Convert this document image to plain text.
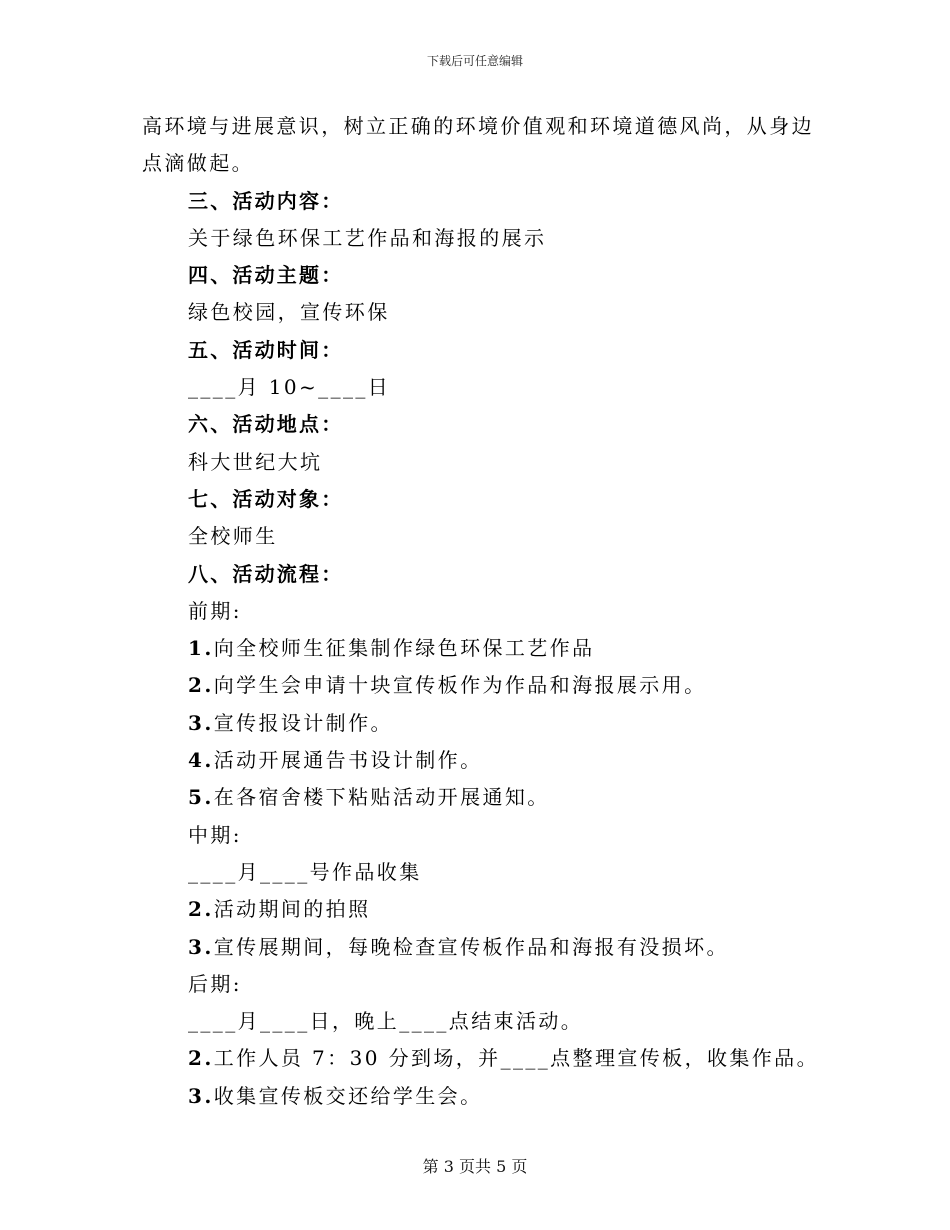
下载后可任意编辑
高环境与进展意识，树立正确的环境价值观和环境道德风尚，从身边
点滴做起。
三、活动内容：
关于绿色环保工艺作品和海报的展示
四、活动主题：
绿色校园，宣传环保
五、活动时间：
____月 10~____日
六、活动地点：
科大世纪大坑
七、活动对象：
全校师生
八、活动流程：
前期:
1.向全校师生征集制作绿色环保工艺作品
2.向学生会申请十块宣传板作为作品和海报展示用。
3.宣传报设计制作。
4.活动开展通告书设计制作。
5.在各宿舍楼下粘贴活动开展通知。
中期:
____月____号作品收集
2.活动期间的拍照
3.宣传展期间，每晚检查宣传板作品和海报有没损坏。
后期:
____月____日，晚上____点结束活动。
2.工作人员 7：30 分到场，并____点整理宣传板，收集作品。
3.收集宣传板交还给学生会。
第 3 页共 5 页
